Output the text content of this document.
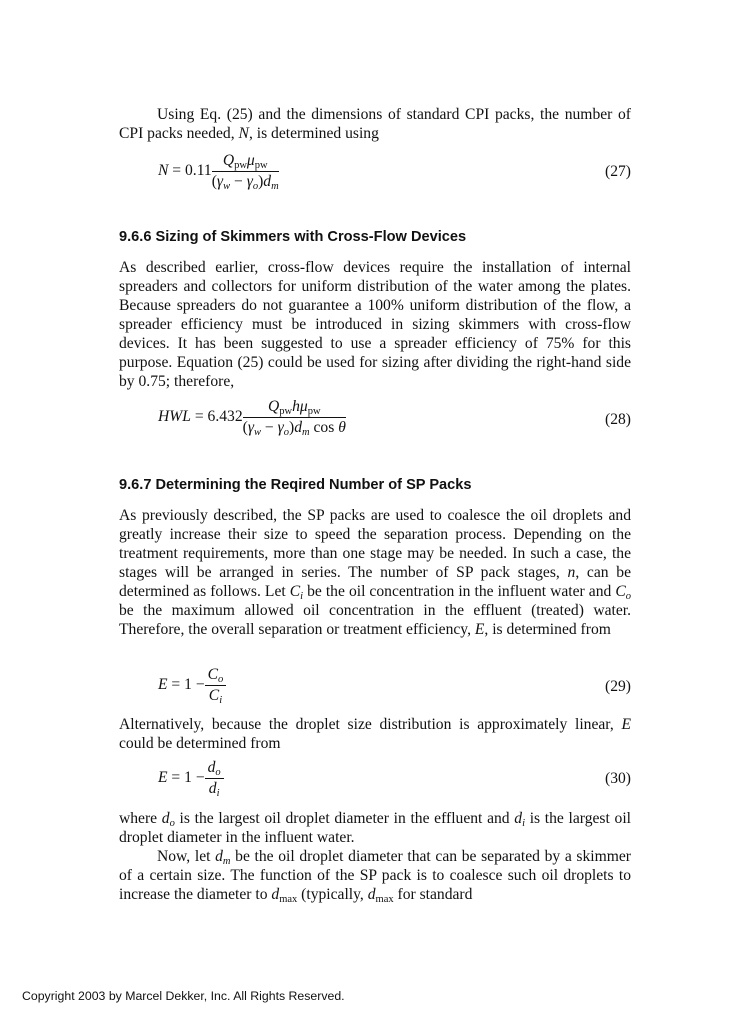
Using Eq. (25) and the dimensions of standard CPI packs, the number of CPI packs needed, N, is determined using

$N = 0.11 \frac{Q_{pw}\mu_{pw}}{(\gamma_w - \gamma_o)d_m}$	(27)
9.6.6 Sizing of Skimmers with Cross-Flow Devices

As described earlier, cross-flow devices require the installation of internal spreaders and collectors for uniform distribution of the water among the plates. Because spreaders do not guarantee a 100% uniform distribution of the flow, a spreader efficiency must be introduced in sizing skimmers with cross-flow devices. It has been suggested to use a spreader efficiency of 75% for this purpose. Equation (25) could be used for sizing after dividing the right-hand side by 0.75; therefore,

HWL = $6.432 \frac{Q_{pw}h\mu_{pw}}{(\gamma_w - \gamma_o)d_m \cos \theta}$	(28)
9.6.7 Determining the Reqired Number of SP Packs

As previously described, the SP packs are used to coalesce the oil droplets and greatly increase their size to speed the separation process. Depending on the treatment requirements, more than one stage may be needed. In such a case, the stages will be arranged in series. The number of SP pack stages, n, can be determined as follows. Let $C_i$ be the oil concentration in the influent water and $C_o$ be the maximum allowed oil concentration in the effluent (treated) water. Therefore, the overall separation or treatment efficiency, E, is determined from

$E = 1 - \frac{C_o}{C_i}$	(29)

Alternatively, because the droplet size distribution is approximately linear, E could be determined from

$E = 1 - \frac{d_o}{d_i}$	(30)

where $d_o$ is the largest oil droplet diameter in the effluent and $d_i$ is the largest oil droplet diameter in the influent water.

Now, let $d_m$ be the oil droplet diameter that can be separated by a skimmer of a certain size. The function of the SP pack is to coalesce such oil droplets to increase the diameter to $d_{max}$ (typically, $d_{max}$ for standard

Copyright 2003 by Marcel Dekker, Inc. All Rights Reserved.
